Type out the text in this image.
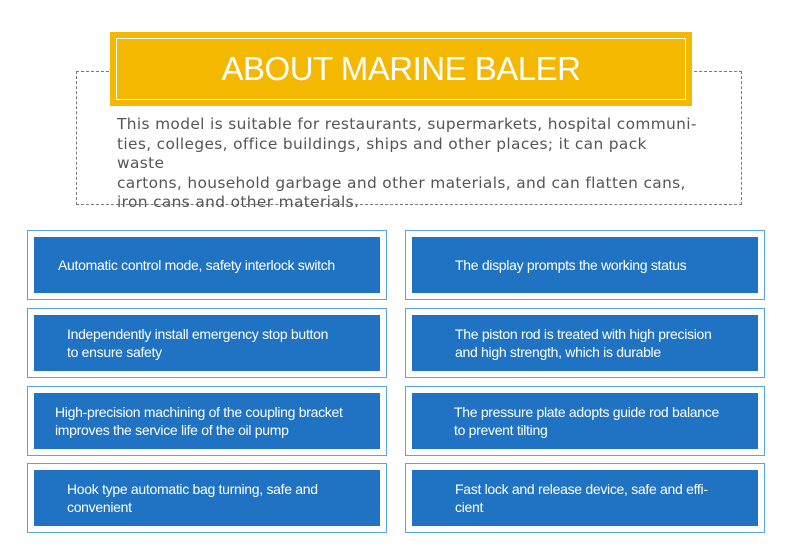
ABOUT MARINE BALER

This model is suitable for restaurants, supermarkets, hospital communi-
ties, colleges, office buildings, ships and other places; it can pack waste
cartons, household garbage and other materials, and can flatten cans,
iron cans and other materials.

Automatic control mode, safety interlock switch
Independently install emergency stop button
to ensure safety
High-precision machining of the coupling bracket
improves the service life of the oil pump
Hook type automatic bag turning, safe and
convenient
The display prompts the working status
The piston rod is treated with high precision
and high strength, which is durable
The pressure plate adopts guide rod balance
to prevent tilting
Fast lock and release device, safe and effi-
cient
